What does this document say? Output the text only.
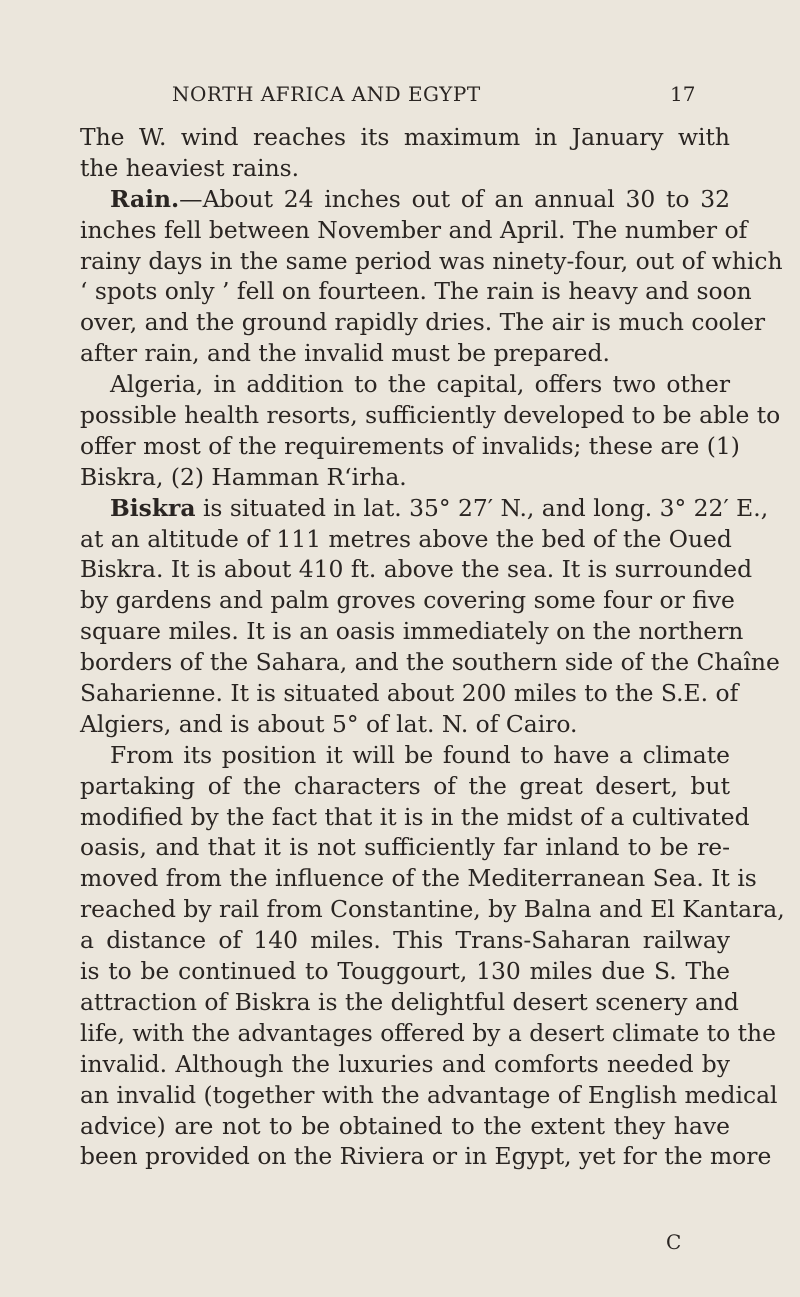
NORTH AFRICA AND EGYPT	17
The W. wind reaches its maximum in January with
the heaviest rains.
Rain.—About 24 inches out of an annual 30 to 32
inches fell between November and April. The number of
rainy days in the same period was ninety-four, out of which
‘ spots only ’ fell on fourteen. The rain is heavy and soon
over, and the ground rapidly dries. The air is much cooler
after rain, and the invalid must be prepared.
Algeria, in addition to the capital, offers two other
possible health resorts, sufficiently developed to be able to
offer most of the requirements of invalids; these are (1)
Biskra, (2) Hamman R‘irha.
Biskra is situated in lat. 35° 27′ N., and long. 3° 22′ E.,
at an altitude of 111 metres above the bed of the Oued
Biskra. It is about 410 ft. above the sea. It is surrounded
by gardens and palm groves covering some four or five
square miles. It is an oasis immediately on the northern
borders of the Sahara, and the southern side of the Chaîne
Saharienne. It is situated about 200 miles to the S.E. of
Algiers, and is about 5° of lat. N. of Cairo.
From its position it will be found to have a climate
partaking of the characters of the great desert, but
modified by the fact that it is in the midst of a cultivated
oasis, and that it is not sufficiently far inland to be re-
moved from the influence of the Mediterranean Sea. It is
reached by rail from Constantine, by Balna and El Kantara,
a distance of 140 miles. This Trans-Saharan railway
is to be continued to Touggourt, 130 miles due S. The
attraction of Biskra is the delightful desert scenery and
life, with the advantages offered by a desert climate to the
invalid. Although the luxuries and comforts needed by
an invalid (together with the advantage of English medical
advice) are not to be obtained to the extent they have
been provided on the Riviera or in Egypt, yet for the more
C
